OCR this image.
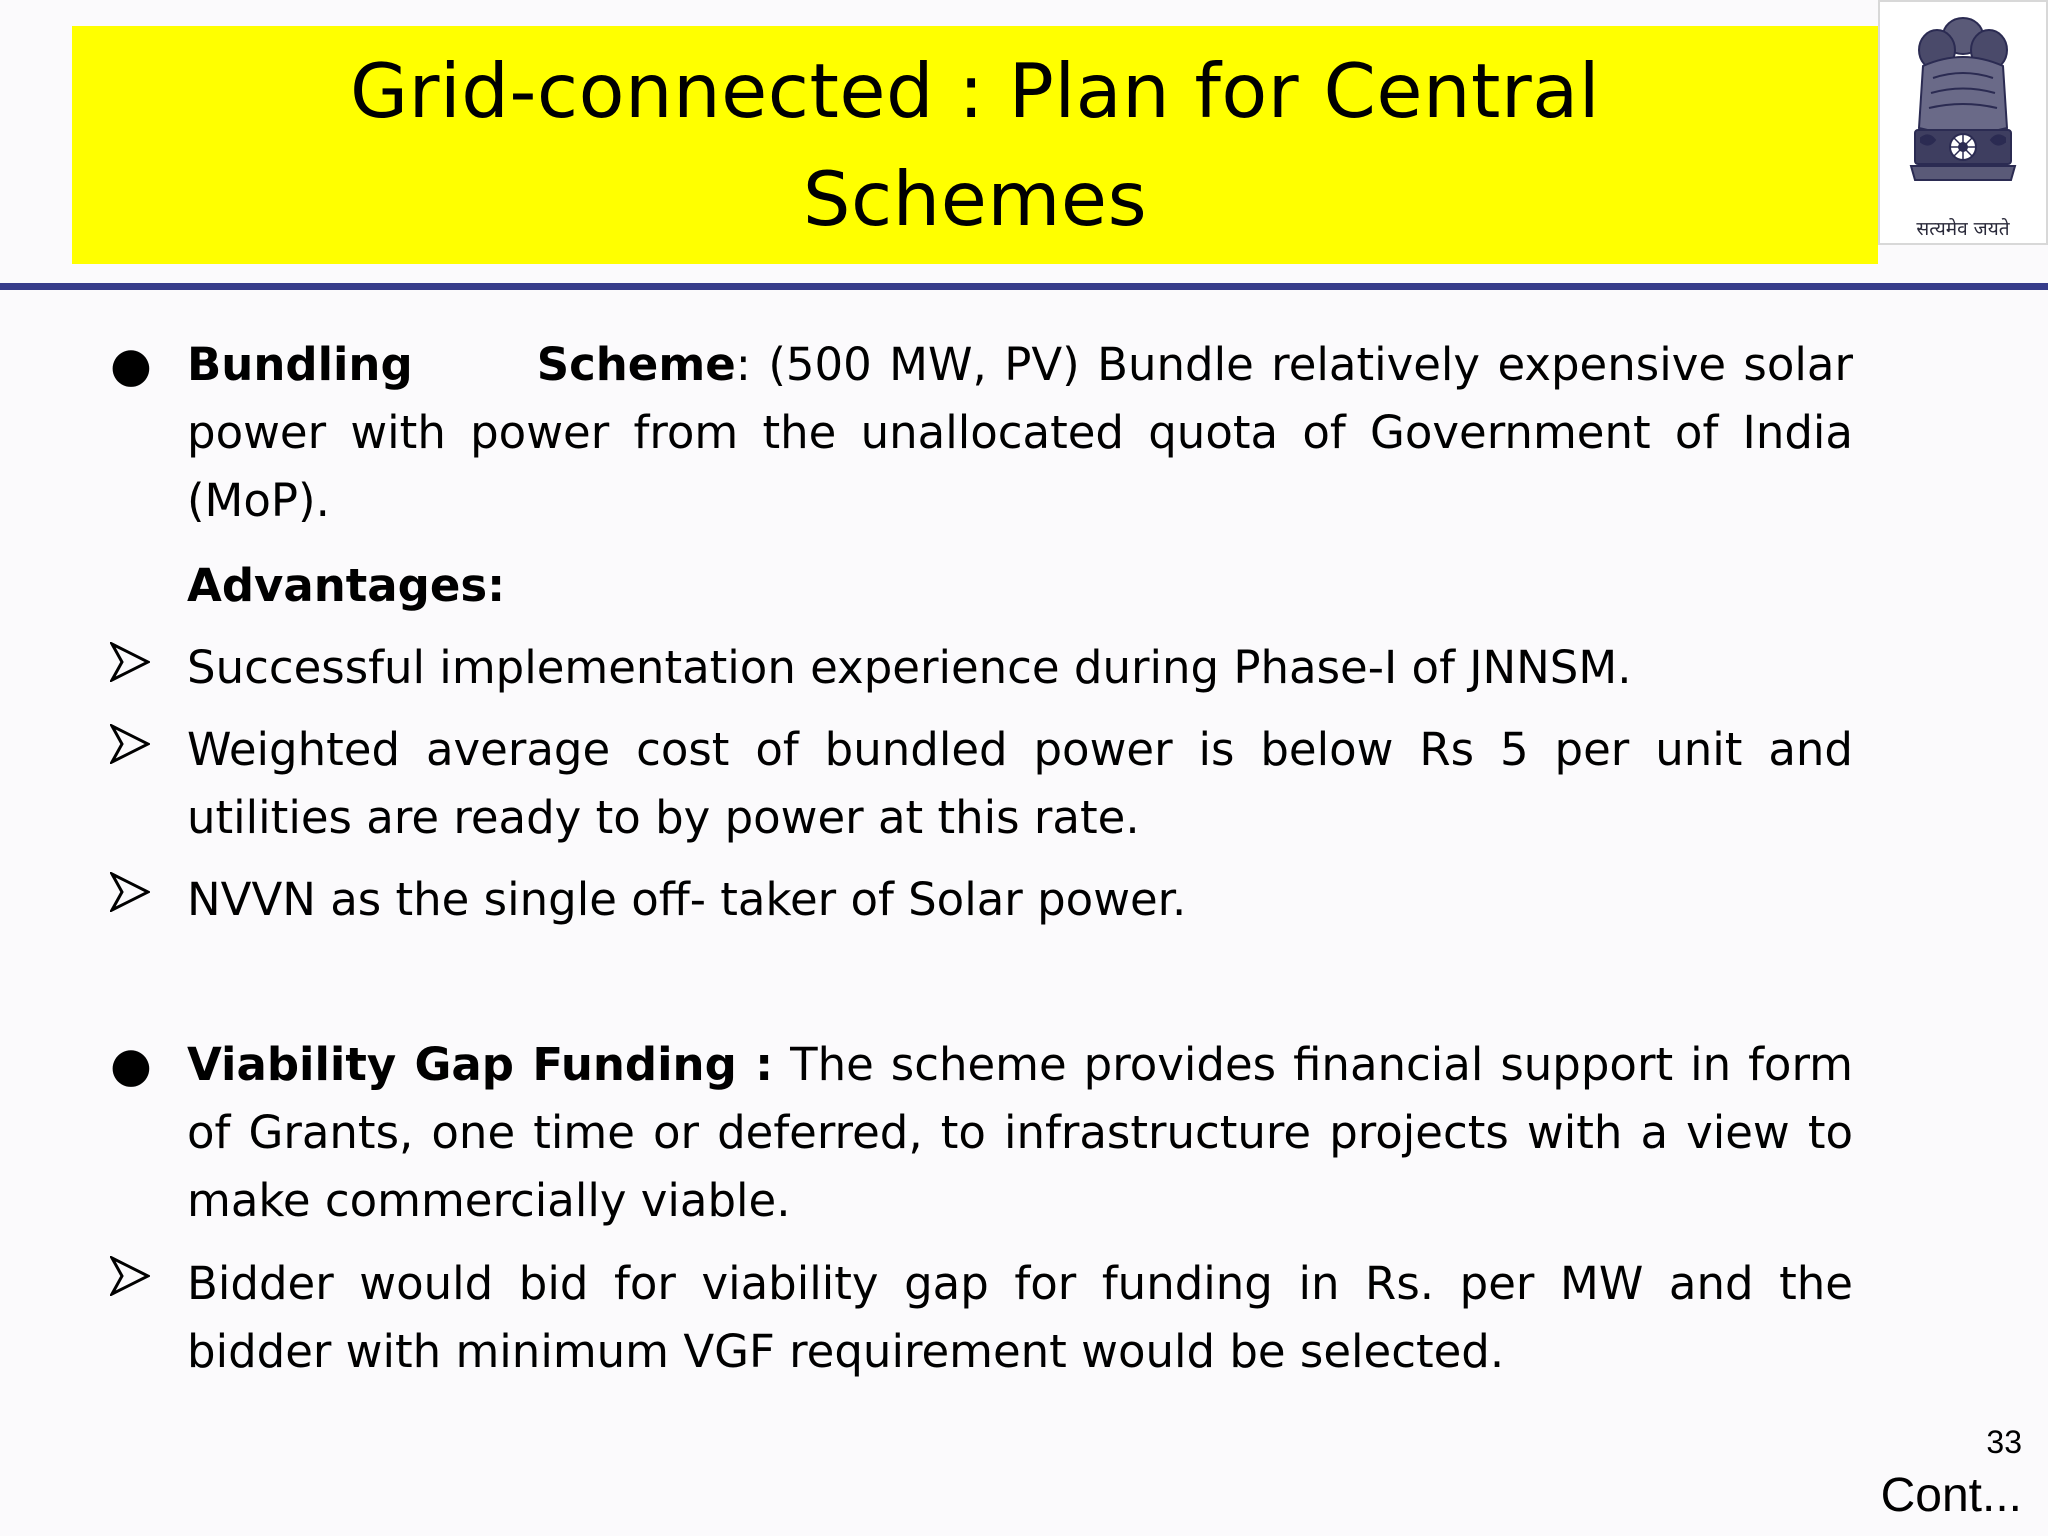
Grid-connected : Plan for Central
Schemes	सत्यमेव जयते
● Bundling	Scheme: (500 MW, PV) Bundle relatively expensive solar power with power from the unallocated quota of Government of India (MoP).
Advantages:
Successful implementation experience during Phase-I of JNNSM.
Weighted average cost of bundled power is below Rs 5 per unit and utilities are ready to by power at this rate.
NVVN as the single off- taker of Solar power.
● Viability Gap Funding : The scheme provides financial support in form of Grants, one time or deferred, to infrastructure projects with a view to make commercially viable.
Bidder would bid for viability gap for funding in Rs. per MW and the bidder with minimum VGF requirement would be selected.
33
Cont...
